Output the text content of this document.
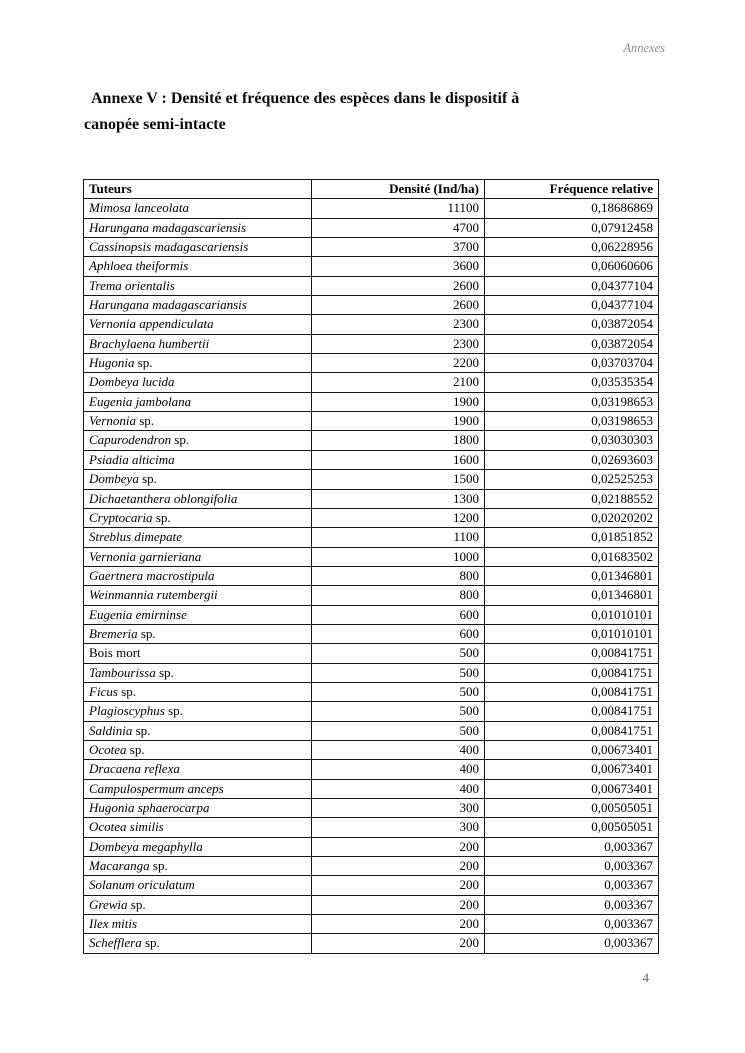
Annexes
Annexe V : Densité et fréquence des espèces dans le dispositif à
canopée semi-intacte
Tuteurs	Densité (Ind/ha)	Fréquence relative
Mimosa lanceolata	11100	0,18686869
Harungana madagascariensis	4700	0,07912458
Cassinopsis madagascariensis	3700	0,06228956
Aphloea theiformis	3600	0,06060606
Trema orientalis	2600	0,04377104
Harungana madagascariansis	2600	0,04377104
Vernonia appendiculata	2300	0,03872054
Brachylaena humbertii	2300	0,03872054
Hugonia sp.	2200	0,03703704
Dombeya lucida	2100	0,03535354
Eugenia jambolana	1900	0,03198653
Vernonia sp.	1900	0,03198653
Capurodendron sp.	1800	0,03030303
Psiadia alticima	1600	0,02693603
Dombeya sp.	1500	0,02525253
Dichaetanthera oblongifolia	1300	0,02188552
Cryptocaria sp.	1200	0,02020202
Streblus dimepate	1100	0,01851852
Vernonia garnieriana	1000	0,01683502
Gaertnera macrostipula	800	0,01346801
Weinmannia rutembergii	800	0,01346801
Eugenia emirninse	600	0,01010101
Bremeria sp.	600	0,01010101
Bois mort	500	0,00841751
Tambourissa sp.	500	0,00841751
Ficus sp.	500	0,00841751
Plagioscyphus sp.	500	0,00841751
Saldinia sp.	500	0,00841751
Ocotea sp.	400	0,00673401
Dracaena reflexa	400	0,00673401
Campulospermum anceps	400	0,00673401
Hugonia sphaerocarpa	300	0,00505051
Ocotea similis	300	0,00505051
Dombeya megaphylla	200	0,003367
Macaranga sp.	200	0,003367
Solanum oriculatum	200	0,003367
Grewia sp.	200	0,003367
Ilex mitis	200	0,003367
Schefflera sp.	200	0,003367
4
